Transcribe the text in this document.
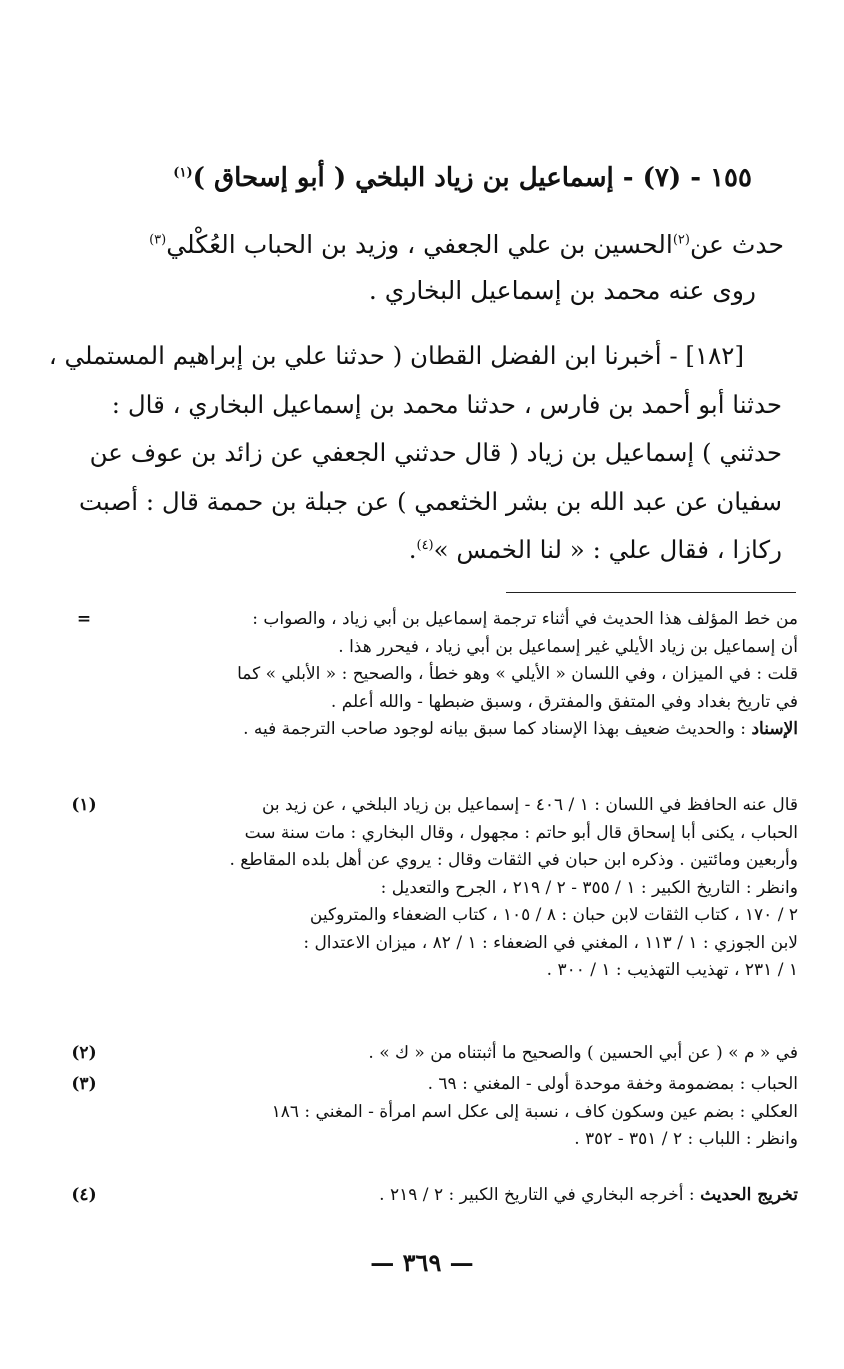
١٥٥ - (٧) - إسماعيل بن زياد البلخي ( أبو إسحاق )$^{(١)}$
حدث عن$^{(٢)}$الحسين بن علي الجعفي ، وزيد بن الحباب العُكْلي$^{(٣)}$
روى عنه محمد بن إسماعيل البخاري .
[١٨٢] - أخبرنا ابن الفضل القطان ( حدثنا علي بن إبراهيم المستملي ،
حدثنا أبو أحمد بن فارس ، حدثنا محمد بن إسماعيل البخاري ، قال :
حدثني ) إسماعيل بن زياد ( قال حدثني الجعفي عن زائد بن عوف عن
سفيان عن عبد الله بن بشر الخثعمي ) عن جبلة بن حممة قال : أصبت
ركازا ، فقال علي : « لنا الخمس »$^{(٤)}$.
=	من خط المؤلف هذا الحديث في أثناء ترجمة إسماعيل بن أبي زياد ، والصواب :
أن إسماعيل بن زياد الأيلي غير إسماعيل بن أبي زياد ، فيحرر هذا .
قلت : في الميزان ، وفي اللسان « الأيلي » وهو خطأ ، والصحيح : « الأبلي » كما
في تاريخ بغداد وفي المتفق والمفترق ، وسبق ضبطها - والله أعلم .
الإسناد : والحديث ضعيف بهذا الإسناد كما سبق بيانه لوجود صاحب الترجمة فيه .
(١)	قال عنه الحافظ في اللسان : ١ / ٤٠٦ - إسماعيل بن زياد البلخي ، عن زيد بن
الحباب ، يكنى أبا إسحاق قال أبو حاتم : مجهول ، وقال البخاري : مات سنة ست
وأربعين ومائتين . وذكره ابن حبان في الثقات وقال : يروي عن أهل بلده المقاطع .
وانظر : التاريخ الكبير : ١ / ٣٥٥ - ٢ / ٢١٩ ، الجرح والتعديل :
٢ / ١٧٠ ، كتاب الثقات لابن حبان : ٨ / ١٠٥ ، كتاب الضعفاء والمتروكين
لابن الجوزي : ١ / ١١٣ ، المغني في الضعفاء : ١ / ٨٢ ، ميزان الاعتدال :
١ / ٢٣١ ، تهذيب التهذيب : ١ / ٣٠٠ .
(٢)	في « م » ( عن أبي الحسين ) والصحيح ما أثبتناه من « ك » .
(٣)	الحباب : بمضمومة وخفة موحدة أولى - المغني : ٦٩ .
العكلي : بضم عين وسكون كاف ، نسبة إلى عكل اسم امرأة - المغني : ١٨٦
وانظر : اللباب : ٢ / ٣٥١ - ٣٥٢ .
(٤)	تخريج الحديث : أخرجه البخاري في التاريخ الكبير : ٢ / ٢١٩ .
— ٣٦٩ —
